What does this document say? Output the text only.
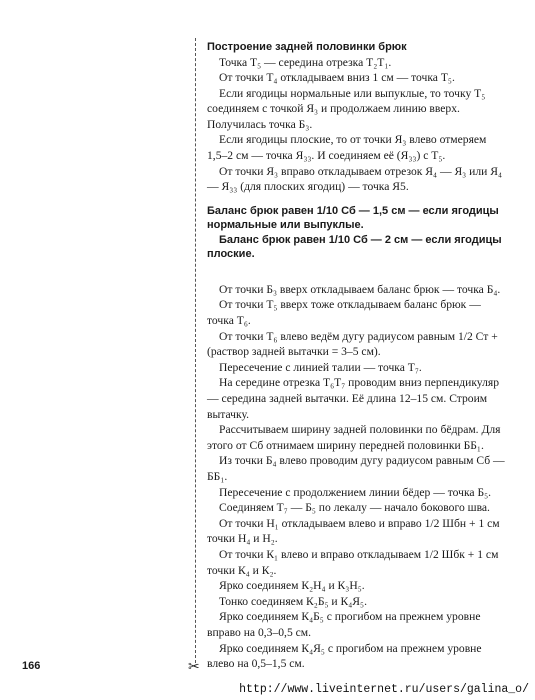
✂

Построение задней половинки брюк

Точка Т₅ — середина отрезка Т₂Т₁.

От точки Т₄ откладываем вниз 1 см — точка Т₅.

Если ягодицы нормальные или выпуклые, то точку Т₅ соединяем с точкой Я₃ и продолжаем линию вверх. Получилась точка Б₃.

Если ягодицы плоские, то от точки Я₃ влево отмеряем 1,5–2 см — точка Я₃₃. И соединяем её (Я₃₃) с Т₅.

От точки Я₃ вправо откладываем отрезок Я₄ — Я₃ или Я₄ — Я₃₃ (для плоских ягодиц) — точка Я5.

Баланс брюк равен 1/10 Сб — 1,5 см — если ягодицы нормальные или выпуклые.

Баланс брюк равен 1/10 Сб — 2 см — если ягодицы плоские.

От точки Б₃ вверх откладываем баланс брюк — точка Б₄.

От точки Т₅ вверх тоже откладываем баланс брюк — точка Т₆.

От точки Т₆ влево ведём дугу радиусом равным 1/2 Ст + (раствор задней вытачки = 3–5 см).

Пересечение с линией талии — точка Т₇.

На середине отрезка Т₆Т₇ проводим вниз перпендикуляр — середина задней вытачки. Её длина 12–15 см. Строим вытачку.

Рассчитываем ширину задней половинки по бёдрам. Для этого от Сб отнимаем ширину передней половинки ББ₁.

Из точки Б₄ влево проводим дугу радиусом равным Сб — ББ₁.

Пересечение с продолжением линии бёдер — точка Б₅.

Соединяем Т₇ — Б₅ по лекалу — начало бокового шва.

От точки Н₁ откладываем влево и вправо 1/2 Шбн + 1 см точки Н₄ и Н₂.

От точки К₁ влево и вправо откладываем 1/2 Шбк + 1 см точки К₄ и К₂.

Ярко соединяем К₂Н₄ и К₃Н₅.

Тонко соединяем К₂Б₅ и К₄Я₅.

Ярко соединяем К₄Б₅ с прогибом на прежнем уровне вправо на 0,3–0,5 см.

Ярко соединяем К₄Я₅ с прогибом на прежнем уровне влево на 0,5–1,5 см.

166
http://www.liveinternet.ru/users/galina_o/
